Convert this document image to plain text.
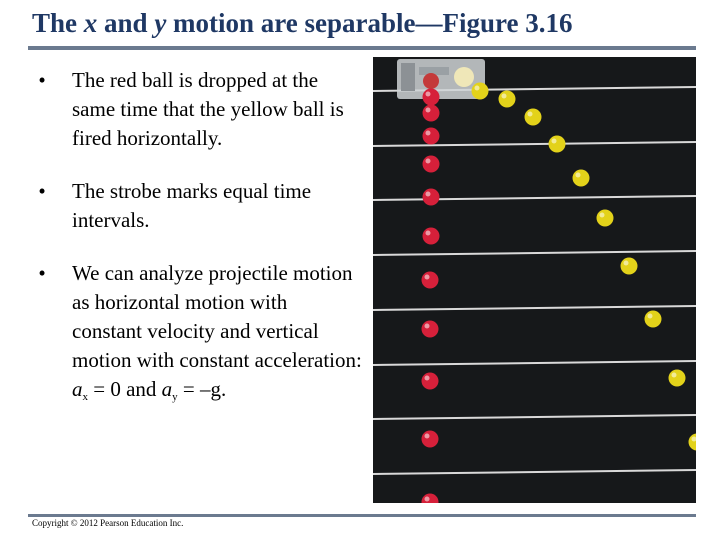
The x and y motion are separable—Figure 3.16
•	The red ball is dropped at the same time that the yellow ball is fired horizontally.
•	The strobe marks equal time intervals.
•	We can analyze projectile motion as horizontal motion with constant velocity and vertical motion with constant acceleration: $a_x = 0$ and $a_y = -g$.
Copyright © 2012 Pearson Education Inc.
